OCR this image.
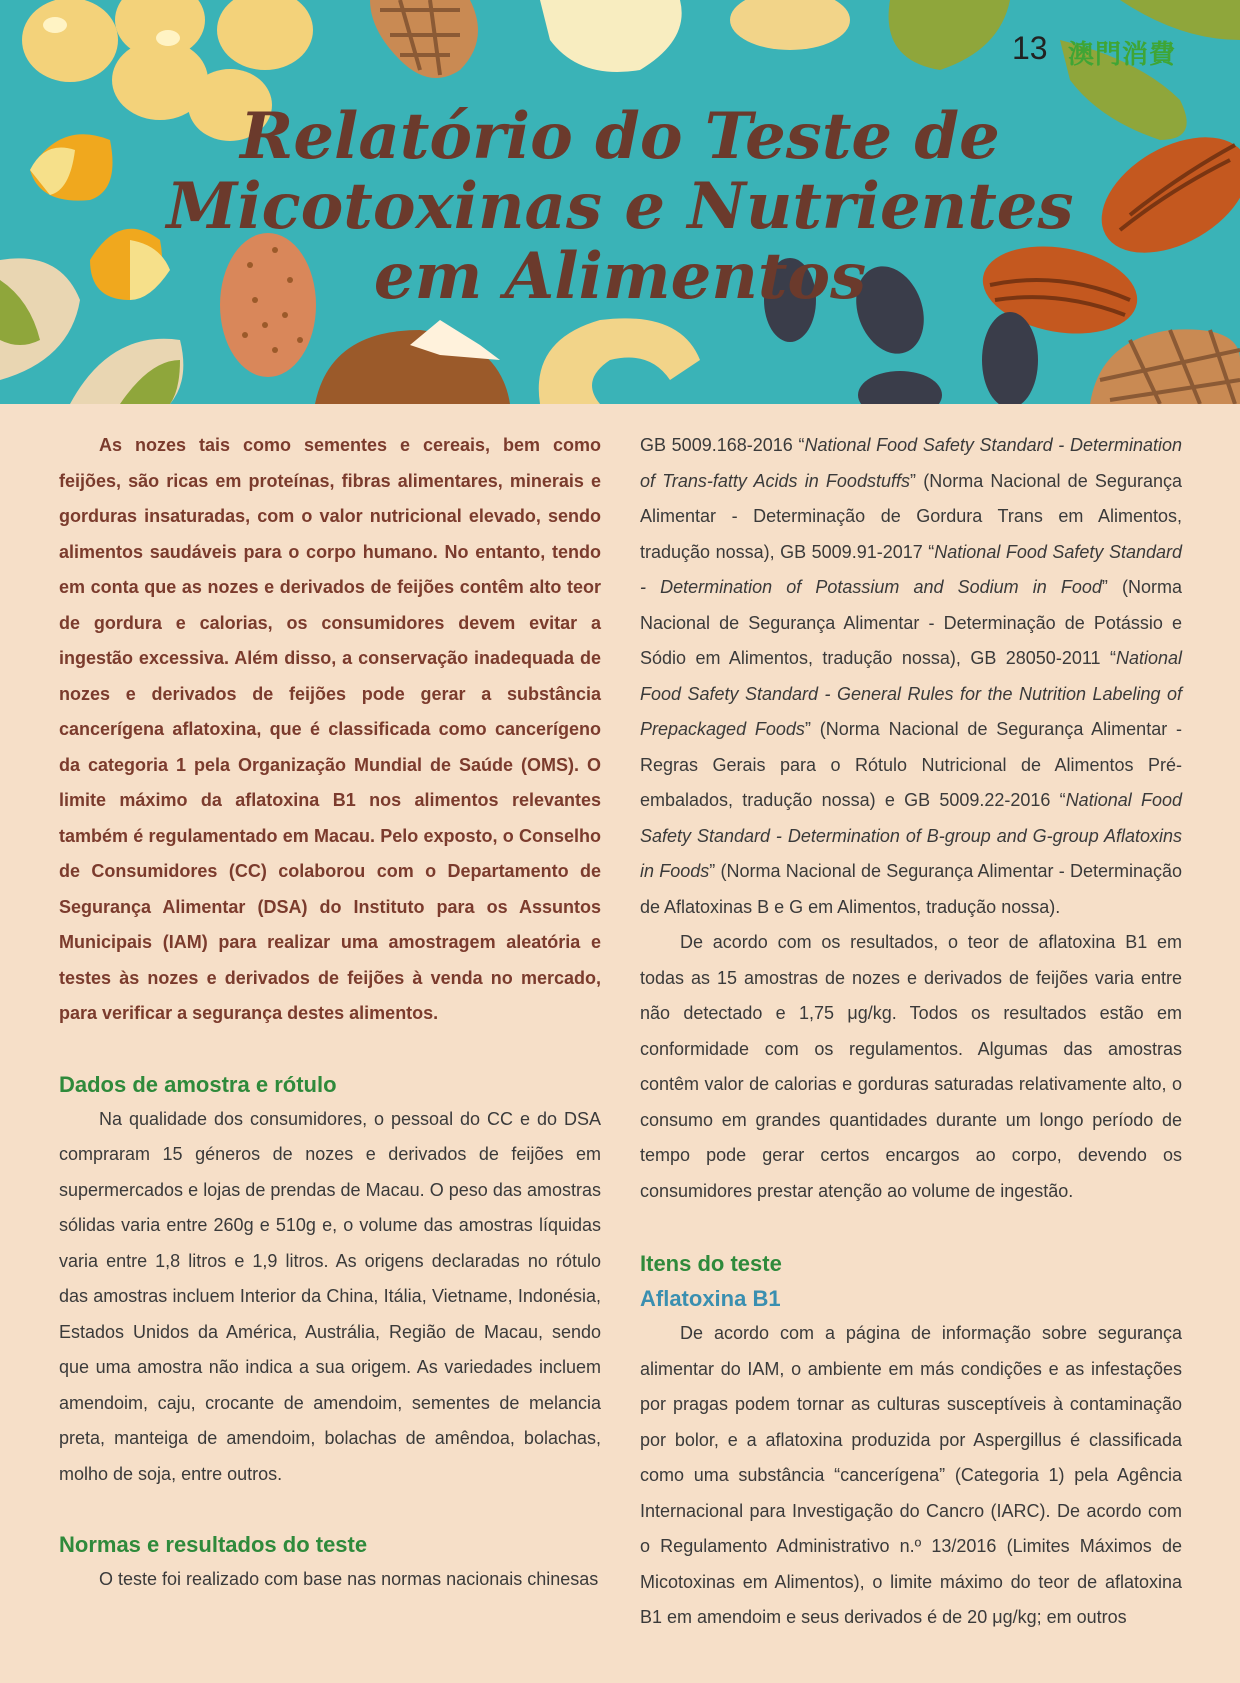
13 澳門消費
Relatório do Teste de
Micotoxinas e Nutrientes
em Alimentos

As nozes tais como sementes e cereais, bem como feijões, são ricas em proteínas, fibras alimentares, minerais e gorduras insaturadas, com o valor nutricional elevado, sendo alimentos saudáveis para o corpo humano. No entanto, tendo em conta que as nozes e derivados de feijões contêm alto teor de gordura e calorias, os consumidores devem evitar a ingestão excessiva. Além disso, a conservação inadequada de nozes e derivados de feijões pode gerar a substância cancerígena aflatoxina, que é classificada como cancerígeno da categoria 1 pela Organização Mundial de Saúde (OMS). O limite máximo da aflatoxina B1 nos alimentos relevantes também é regulamentado em Macau. Pelo exposto, o Conselho de Consumidores (CC) colaborou com o Departamento de Segurança Alimentar (DSA) do Instituto para os Assuntos Municipais (IAM) para realizar uma amostragem aleatória e testes às nozes e derivados de feijões à venda no mercado, para verificar a segurança destes alimentos.

Dados de amostra e rótulo

Na qualidade dos consumidores, o pessoal do CC e do DSA compraram 15 géneros de nozes e derivados de feijões em supermercados e lojas de prendas de Macau. O peso das amostras sólidas varia entre 260g e 510g e, o volume das amostras líquidas varia entre 1,8 litros e 1,9 litros. As origens declaradas no rótulo das amostras incluem Interior da China, Itália, Vietname, Indonésia, Estados Unidos da América, Austrália, Região de Macau, sendo que uma amostra não indica a sua origem. As variedades incluem amendoim, caju, crocante de amendoim, sementes de melancia preta, manteiga de amendoim, bolachas de amêndoa, bolachas, molho de soja, entre outros.

Normas e resultados do teste

O teste foi realizado com base nas normas nacionais chinesas

GB 5009.168-2016 “National Food Safety Standard - Determination of Trans-fatty Acids in Foodstuffs” (Norma Nacional de Segurança Alimentar - Determinação de Gordura Trans em Alimentos, tradução nossa), GB 5009.91-2017 “National Food Safety Standard - Determination of Potassium and Sodium in Food” (Norma Nacional de Segurança Alimentar - Determinação de Potássio e Sódio em Alimentos, tradução nossa), GB 28050-2011 “National Food Safety Standard - General Rules for the Nutrition Labeling of Prepackaged Foods” (Norma Nacional de Segurança Alimentar - Regras Gerais para o Rótulo Nutricional de Alimentos Pré-embalados, tradução nossa) e GB 5009.22-2016 “National Food Safety Standard - Determination of B-group and G-group Aflatoxins in Foods” (Norma Nacional de Segurança Alimentar - Determinação de Aflatoxinas B e G em Alimentos, tradução nossa).

De acordo com os resultados, o teor de aflatoxina B1 em todas as 15 amostras de nozes e derivados de feijões varia entre não detectado e 1,75 μg/kg. Todos os resultados estão em conformidade com os regulamentos. Algumas das amostras contêm valor de calorias e gorduras saturadas relativamente alto, o consumo em grandes quantidades durante um longo período de tempo pode gerar certos encargos ao corpo, devendo os consumidores prestar atenção ao volume de ingestão.

Itens do teste
Aflatoxina B1

De acordo com a página de informação sobre segurança alimentar do IAM, o ambiente em más condições e as infestações por pragas podem tornar as culturas susceptíveis à contaminação por bolor, e a aflatoxina produzida por Aspergillus é classificada como uma substância “cancerígena” (Categoria 1) pela Agência Internacional para Investigação do Cancro (IARC). De acordo com o Regulamento Administrativo n.º 13/2016 (Limites Máximos de Micotoxinas em Alimentos), o limite máximo do teor de aflatoxina B1 em amendoim e seus derivados é de 20 μg/kg; em outros
